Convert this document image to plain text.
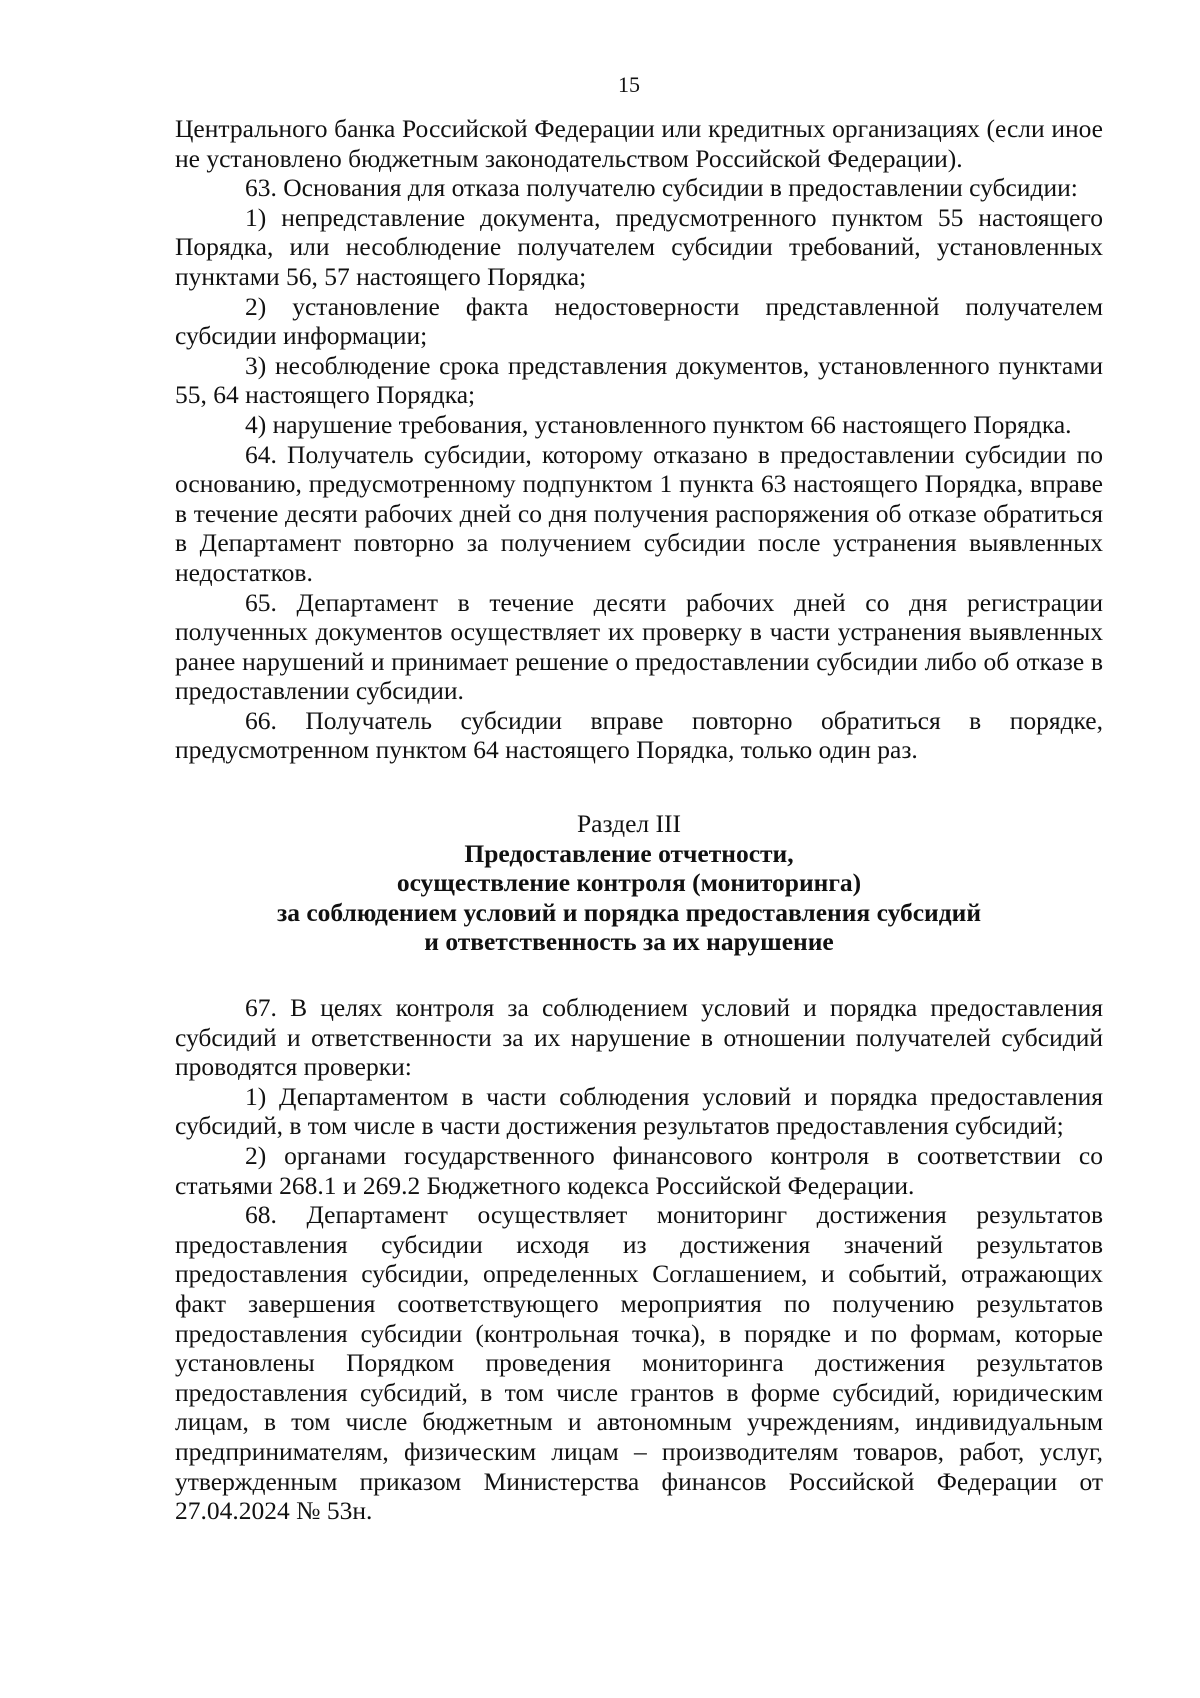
15

Центрального банка Российской Федерации или кредитных организациях (если иное не установлено бюджетным законодательством Российской Федерации).

63. Основания для отказа получателю субсидии в предоставлении субсидии:

1) непредставление документа, предусмотренного пунктом 55 настоящего Порядка, или несоблюдение получателем субсидии требований, установленных пунктами 56, 57 настоящего Порядка;

2) установление факта недостоверности представленной получателем субсидии информации;

3) несоблюдение срока представления документов, установленного пунктами 55, 64 настоящего Порядка;

4) нарушение требования, установленного пунктом 66 настоящего Порядка.

64. Получатель субсидии, которому отказано в предоставлении субсидии по основанию, предусмотренному подпунктом 1 пункта 63 настоящего Порядка, вправе в течение десяти рабочих дней со дня получения распоряжения об отказе обратиться в Департамент повторно за получением субсидии после устранения выявленных недостатков.

65. Департамент в течение десяти рабочих дней со дня регистрации полученных документов осуществляет их проверку в части устранения выявленных ранее нарушений и принимает решение о предоставлении субсидии либо об отказе в предоставлении субсидии.

66. Получатель субсидии вправе повторно обратиться в порядке, предусмотренном пунктом 64 настоящего Порядка, только один раз.

Раздел III
Предоставление отчетности,
осуществление контроля (мониторинга)
за соблюдением условий и порядка предоставления субсидий
и ответственность за их нарушение

67. В целях контроля за соблюдением условий и порядка предоставления субсидий и ответственности за их нарушение в отношении получателей субсидий проводятся проверки:

1) Департаментом в части соблюдения условий и порядка предоставления субсидий, в том числе в части достижения результатов предоставления субсидий;

2) органами государственного финансового контроля в соответствии со статьями 268.1 и 269.2 Бюджетного кодекса Российской Федерации.

68. Департамент осуществляет мониторинг достижения результатов предоставления субсидии исходя из достижения значений результатов предоставления субсидии, определенных Соглашением, и событий, отражающих факт завершения соответствующего мероприятия по получению результатов предоставления субсидии (контрольная точка), в порядке и по формам, которые установлены Порядком проведения мониторинга достижения результатов предоставления субсидий, в том числе грантов в форме субсидий, юридическим лицам, в том числе бюджетным и автономным учреждениям, индивидуальным предпринимателям, физическим лицам – производителям товаров, работ, услуг, утвержденным приказом Министерства финансов Российской Федерации от 27.04.2024 № 53н.
